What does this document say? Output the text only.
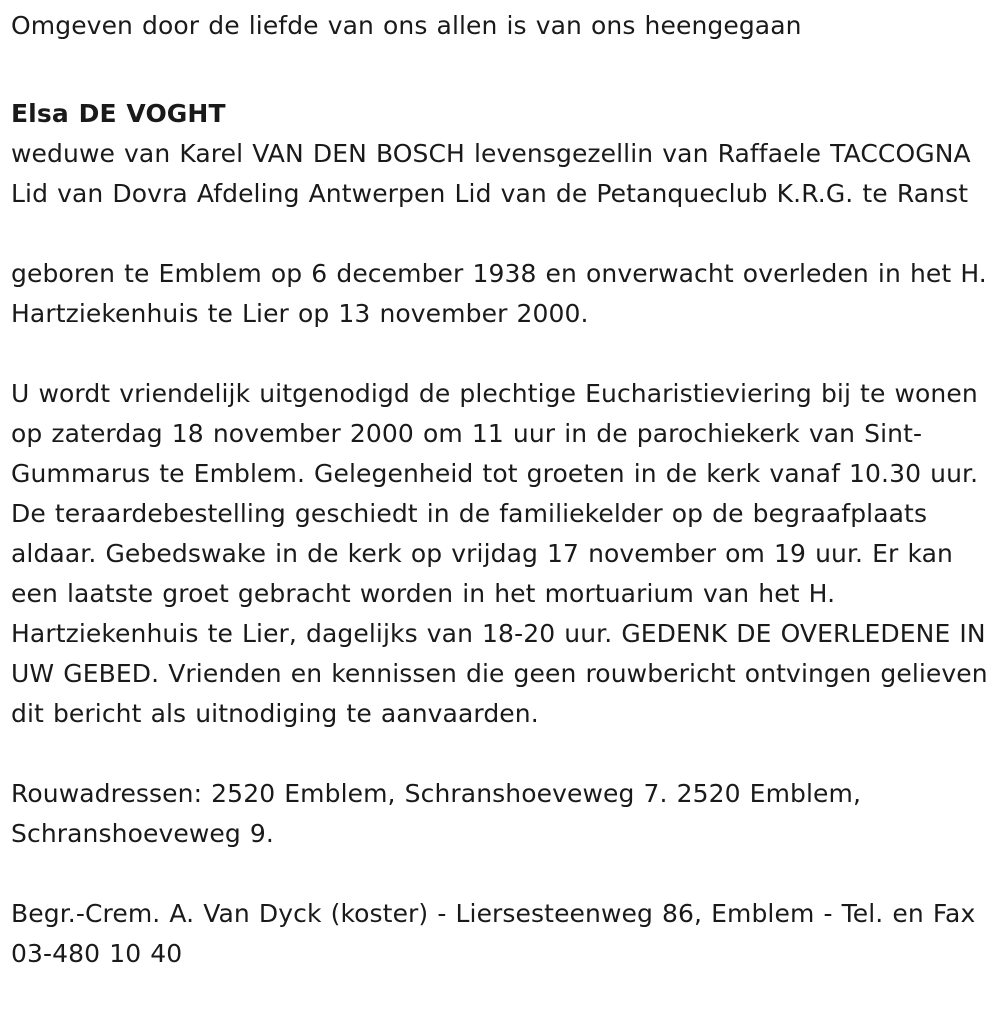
Omgeven door de liefde van ons allen is van ons heengegaan

Elsa DE VOGHT

weduwe van Karel VAN DEN BOSCH levensgezellin van Raffaele TACCOGNA Lid van Dovra Afdeling Antwerpen Lid van de Petanqueclub K.R.G. te Ranst

geboren te Emblem op 6 december 1938 en onverwacht overleden in het H. Hartziekenhuis te Lier op 13 november 2000.

U wordt vriendelijk uitgenodigd de plechtige Eucharistieviering bij te wonen op zaterdag 18 november 2000 om 11 uur in de parochiekerk van Sint-Gummarus te Emblem. Gelegenheid tot groeten in de kerk vanaf 10.30 uur. De teraardebestelling geschiedt in de familiekelder op de begraafplaats aldaar. Gebedswake in de kerk op vrijdag 17 november om 19 uur. Er kan een laatste groet gebracht worden in het mortuarium van het H. Hartziekenhuis te Lier, dagelijks van 18-20 uur. GEDENK DE OVERLEDENE IN UW GEBED. Vrienden en kennissen die geen rouwbericht ontvingen gelieven dit bericht als uitnodiging te aanvaarden.

Rouwadressen: 2520 Emblem, Schranshoeveweg 7. 2520 Emblem, Schranshoeveweg 9.

Begr.-Crem. A. Van Dyck (koster) - Liersesteenweg 86, Emblem - Tel. en Fax 03-480 10 40
